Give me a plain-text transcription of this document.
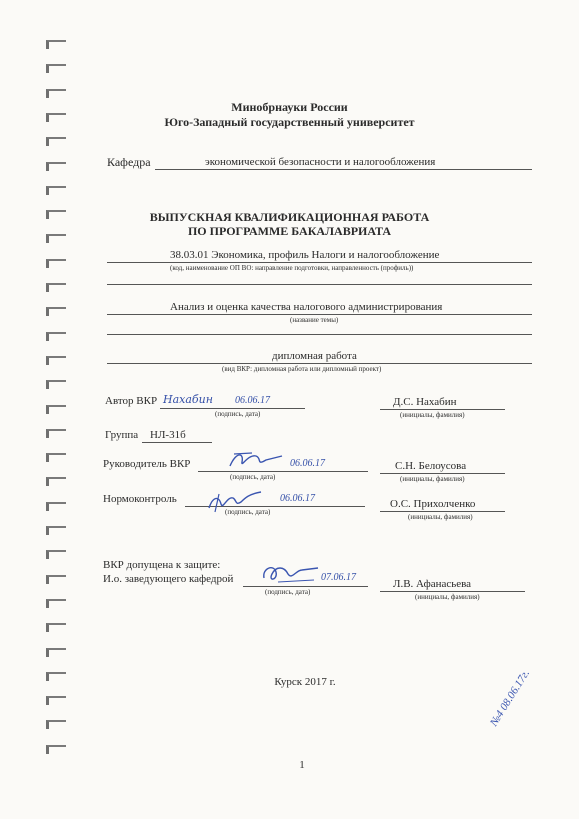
Минобрнауки России
Юго-Западный государственный университет
Кафедра	экономической безопасности и налогообложения
ВЫПУСКНАЯ КВАЛИФИКАЦИОННАЯ РАБОТА
ПО ПРОГРАММЕ БАКАЛАВРИАТА
38.03.01 Экономика, профиль Налоги и налогообложение
(код, наименование ОП ВО: направление подготовки, направленность (профиль))
Анализ и оценка качества налогового администрирования
(название темы)
дипломная работа
(вид ВКР: дипломная работа или дипломный проект)
Автор ВКР Нахабин 06.06.17
(подпись, дата)
Д.С. Нахабин
(инициалы, фамилия)
Группа НЛ-31б
Руководитель ВКР	06.06.17
(подпись, дата)
С.Н. Белоусова
(инициалы, фамилия)
Нормоконтроль	06.06.17
(подпись, дата)
О.С. Прихолченко
(инициалы, фамилия)
ВКР допущена к защите:
И.о. заведующего кафедрой	07.06.17
(подпись, дата)
Л.В. Афанасьева
(инициалы, фамилия)
Курск 2017 г.
1
№4 08.06.17г.
